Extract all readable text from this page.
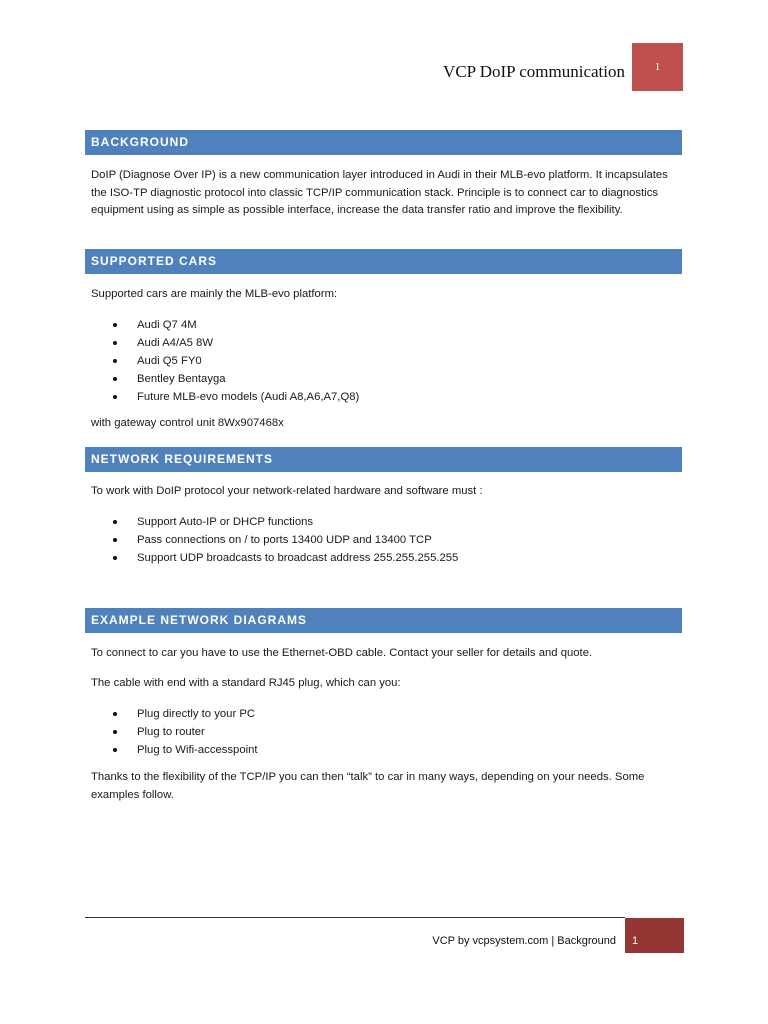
VCP DoIP communication	1
BACKGROUND

DoIP (Diagnose Over IP) is a new communication layer introduced in Audi in their MLB-evo platform. It incapsulates the ISO-TP diagnostic protocol into classic TCP/IP communication stack. Principle is to connect car to diagnostics equipment using as simple as possible interface, increase the data transfer ratio and improve the flexibility.

SUPPORTED CARS

Supported cars are mainly the MLB-evo platform:

Audi Q7 4M
Audi A4/A5 8W
Audi Q5 FY0
Bentley Bentayga
Future MLB-evo models (Audi A8,A6,A7,Q8)

with gateway control unit 8Wx907468x

NETWORK REQUIREMENTS

To work with DoIP protocol your network-related hardware and software must :

Support Auto-IP or DHCP functions
Pass connections on / to ports 13400 UDP and 13400 TCP
Support UDP broadcasts to broadcast address 255.255.255.255
EXAMPLE NETWORK DIAGRAMS

To connect to car you have to use the Ethernet-OBD cable. Contact your seller for details and quote.

The cable with end with a standard RJ45 plug, which can you:

Plug directly to your PC
Plug to router
Plug to Wifi-accesspoint

Thanks to the flexibility of the TCP/IP you can then “talk” to car in many ways, depending on your needs. Some examples follow.

VCP by vcpsystem.com | Background	1
